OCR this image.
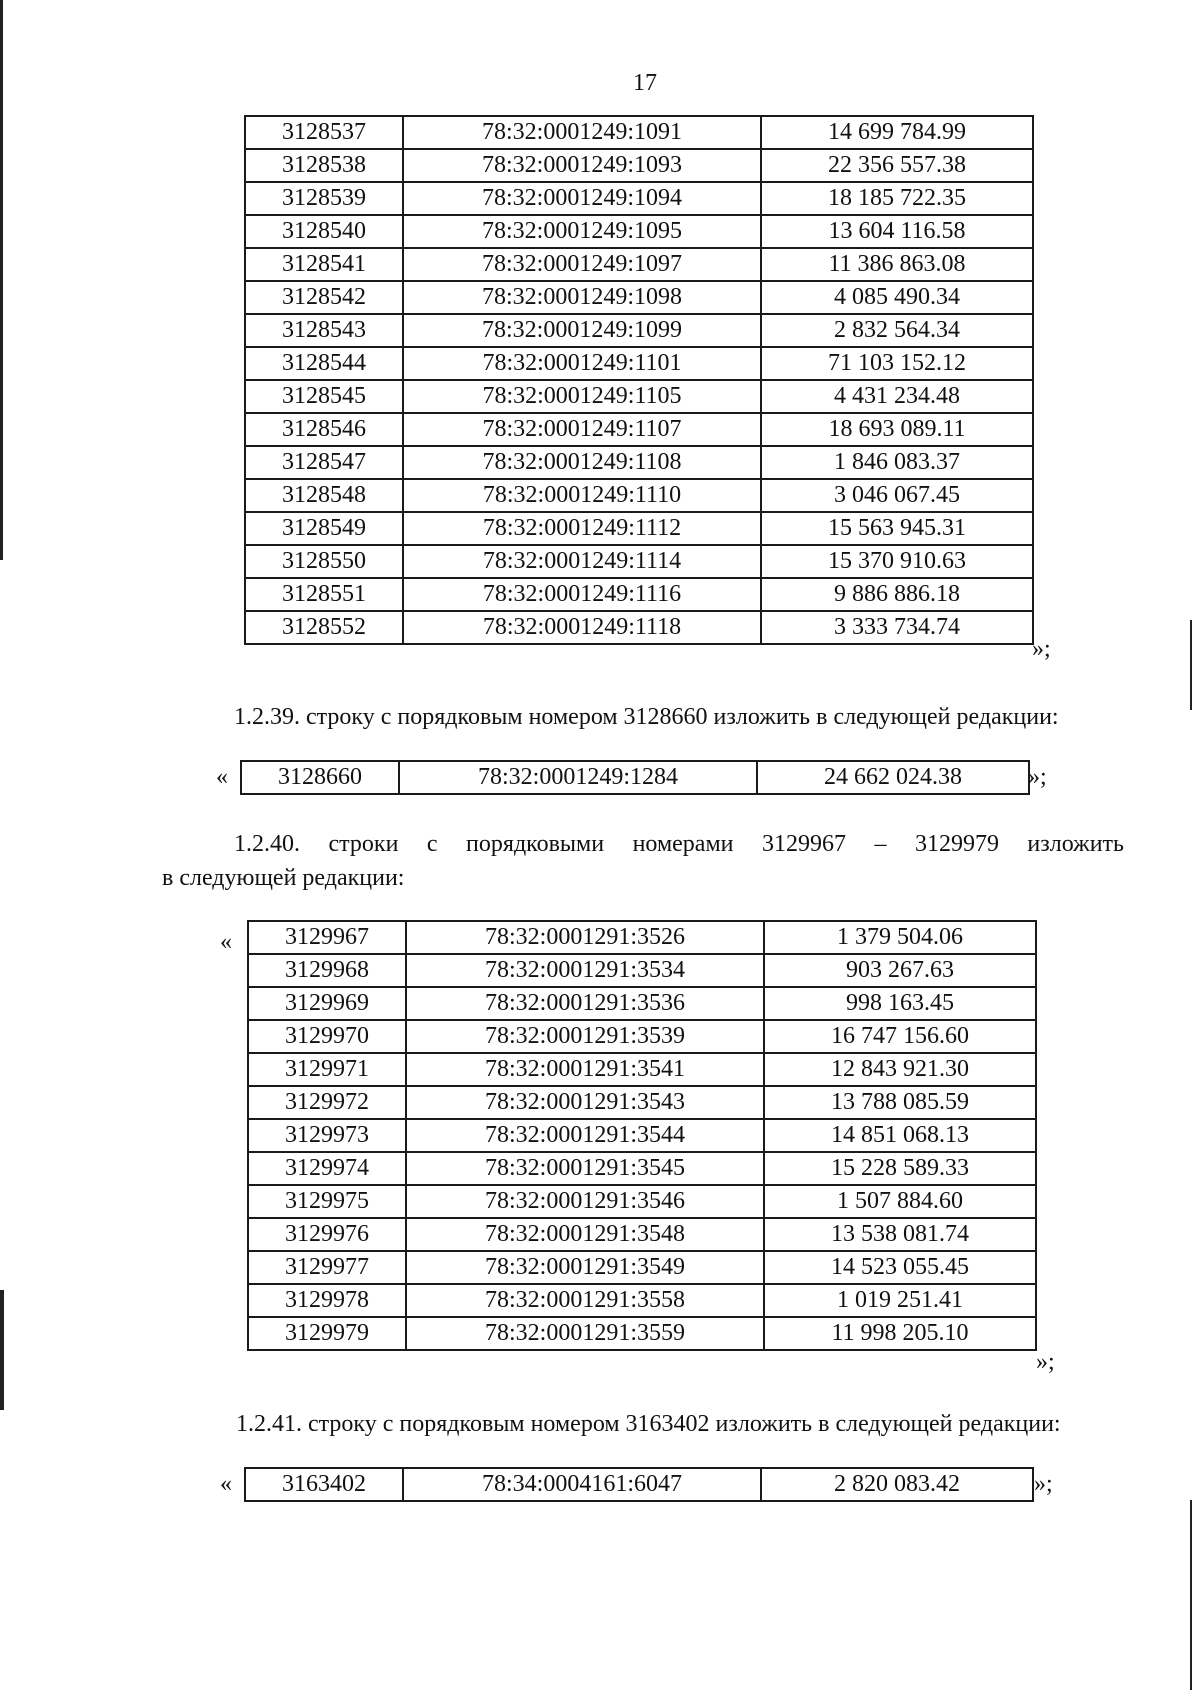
17
3128537	78:32:0001249:1091	14 699 784.99
3128538	78:32:0001249:1093	22 356 557.38
3128539	78:32:0001249:1094	18 185 722.35
3128540	78:32:0001249:1095	13 604 116.58
3128541	78:32:0001249:1097	11 386 863.08
3128542	78:32:0001249:1098	4 085 490.34
3128543	78:32:0001249:1099	2 832 564.34
3128544	78:32:0001249:1101	71 103 152.12
3128545	78:32:0001249:1105	4 431 234.48
3128546	78:32:0001249:1107	18 693 089.11
3128547	78:32:0001249:1108	1 846 083.37
3128548	78:32:0001249:1110	3 046 067.45
3128549	78:32:0001249:1112	15 563 945.31
3128550	78:32:0001249:1114	15 370 910.63
3128551	78:32:0001249:1116	9 886 886.18
3128552	78:32:0001249:1118	3 333 734.74
»;

1.2.39. строку с порядковым номером 3128660 изложить в следующей редакции:

« 3128660	78:32:0001249:1284	24 662 024.38	»;

1.2.40. строки с порядковыми номерами 3129967 – 3129979 изложить

в следующей редакции:

« 3129967	78:32:0001291:3526	1 379 504.06
3129968	78:32:0001291:3534	903 267.63
3129969	78:32:0001291:3536	998 163.45
3129970	78:32:0001291:3539	16 747 156.60
3129971	78:32:0001291:3541	12 843 921.30
3129972	78:32:0001291:3543	13 788 085.59
3129973	78:32:0001291:3544	14 851 068.13
3129974	78:32:0001291:3545	15 228 589.33
3129975	78:32:0001291:3546	1 507 884.60
3129976	78:32:0001291:3548	13 538 081.74
3129977	78:32:0001291:3549	14 523 055.45
3129978	78:32:0001291:3558	1 019 251.41
3129979	78:32:0001291:3559	11 998 205.10
»;

1.2.41. строку с порядковым номером 3163402 изложить в следующей редакции:

« 3163402	78:34:0004161:6047	2 820 083.42	»;
